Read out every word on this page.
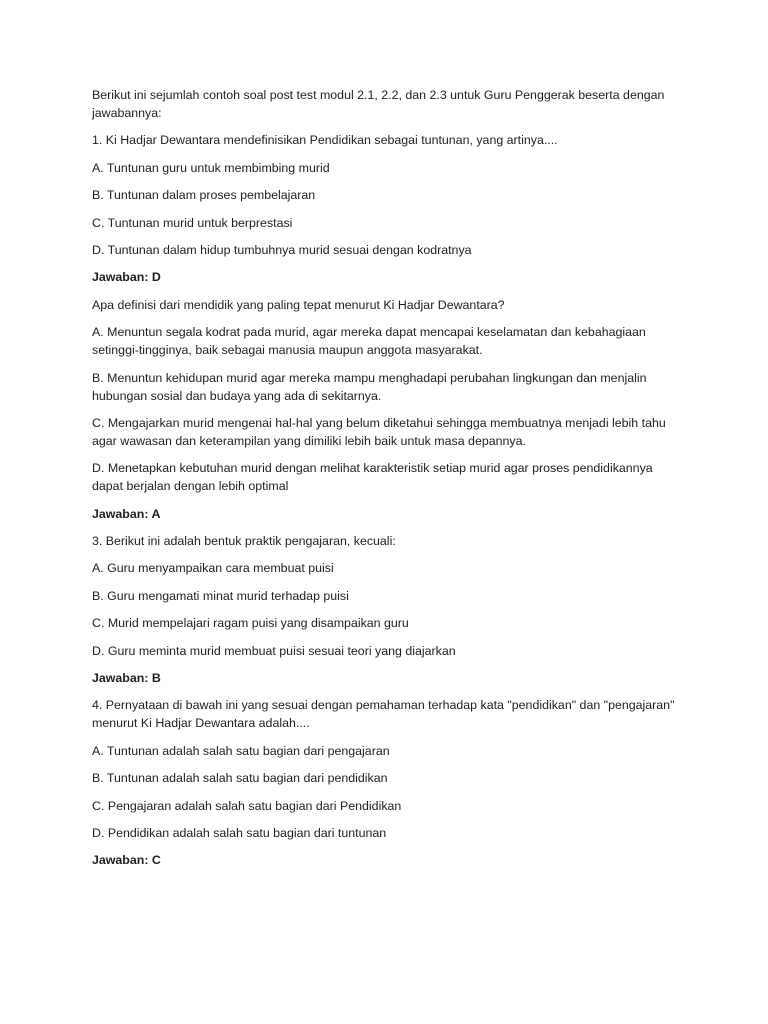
Berikut ini sejumlah contoh soal post test modul 2.1, 2.2, dan 2.3 untuk Guru Penggerak beserta dengan jawabannya:

1. Ki Hadjar Dewantara mendefinisikan Pendidikan sebagai tuntunan, yang artinya....

A. Tuntunan guru untuk membimbing murid

B. Tuntunan dalam proses pembelajaran

C. Tuntunan murid untuk berprestasi

D. Tuntunan dalam hidup tumbuhnya murid sesuai dengan kodratnya

Jawaban: D

Apa definisi dari mendidik yang paling tepat menurut Ki Hadjar Dewantara?

A. Menuntun segala kodrat pada murid, agar mereka dapat mencapai keselamatan dan kebahagiaan setinggi-tingginya, baik sebagai manusia maupun anggota masyarakat.

B. Menuntun kehidupan murid agar mereka mampu menghadapi perubahan lingkungan dan menjalin hubungan sosial dan budaya yang ada di sekitarnya.

C. Mengajarkan murid mengenai hal-hal yang belum diketahui sehingga membuatnya menjadi lebih tahu agar wawasan dan keterampilan yang dimiliki lebih baik untuk masa depannya.

D. Menetapkan kebutuhan murid dengan melihat karakteristik setiap murid agar proses pendidikannya dapat berjalan dengan lebih optimal

Jawaban: A

3. Berikut ini adalah bentuk praktik pengajaran, kecuali:

A. Guru menyampaikan cara membuat puisi

B. Guru mengamati minat murid terhadap puisi

C. Murid mempelajari ragam puisi yang disampaikan guru

D. Guru meminta murid membuat puisi sesuai teori yang diajarkan

Jawaban: B

4. Pernyataan di bawah ini yang sesuai dengan pemahaman terhadap kata "pendidikan" dan "pengajaran" menurut Ki Hadjar Dewantara adalah....

A. Tuntunan adalah salah satu bagian dari pengajaran

B. Tuntunan adalah salah satu bagian dari pendidikan

C. Pengajaran adalah salah satu bagian dari Pendidikan

D. Pendidikan adalah salah satu bagian dari tuntunan

Jawaban: C
